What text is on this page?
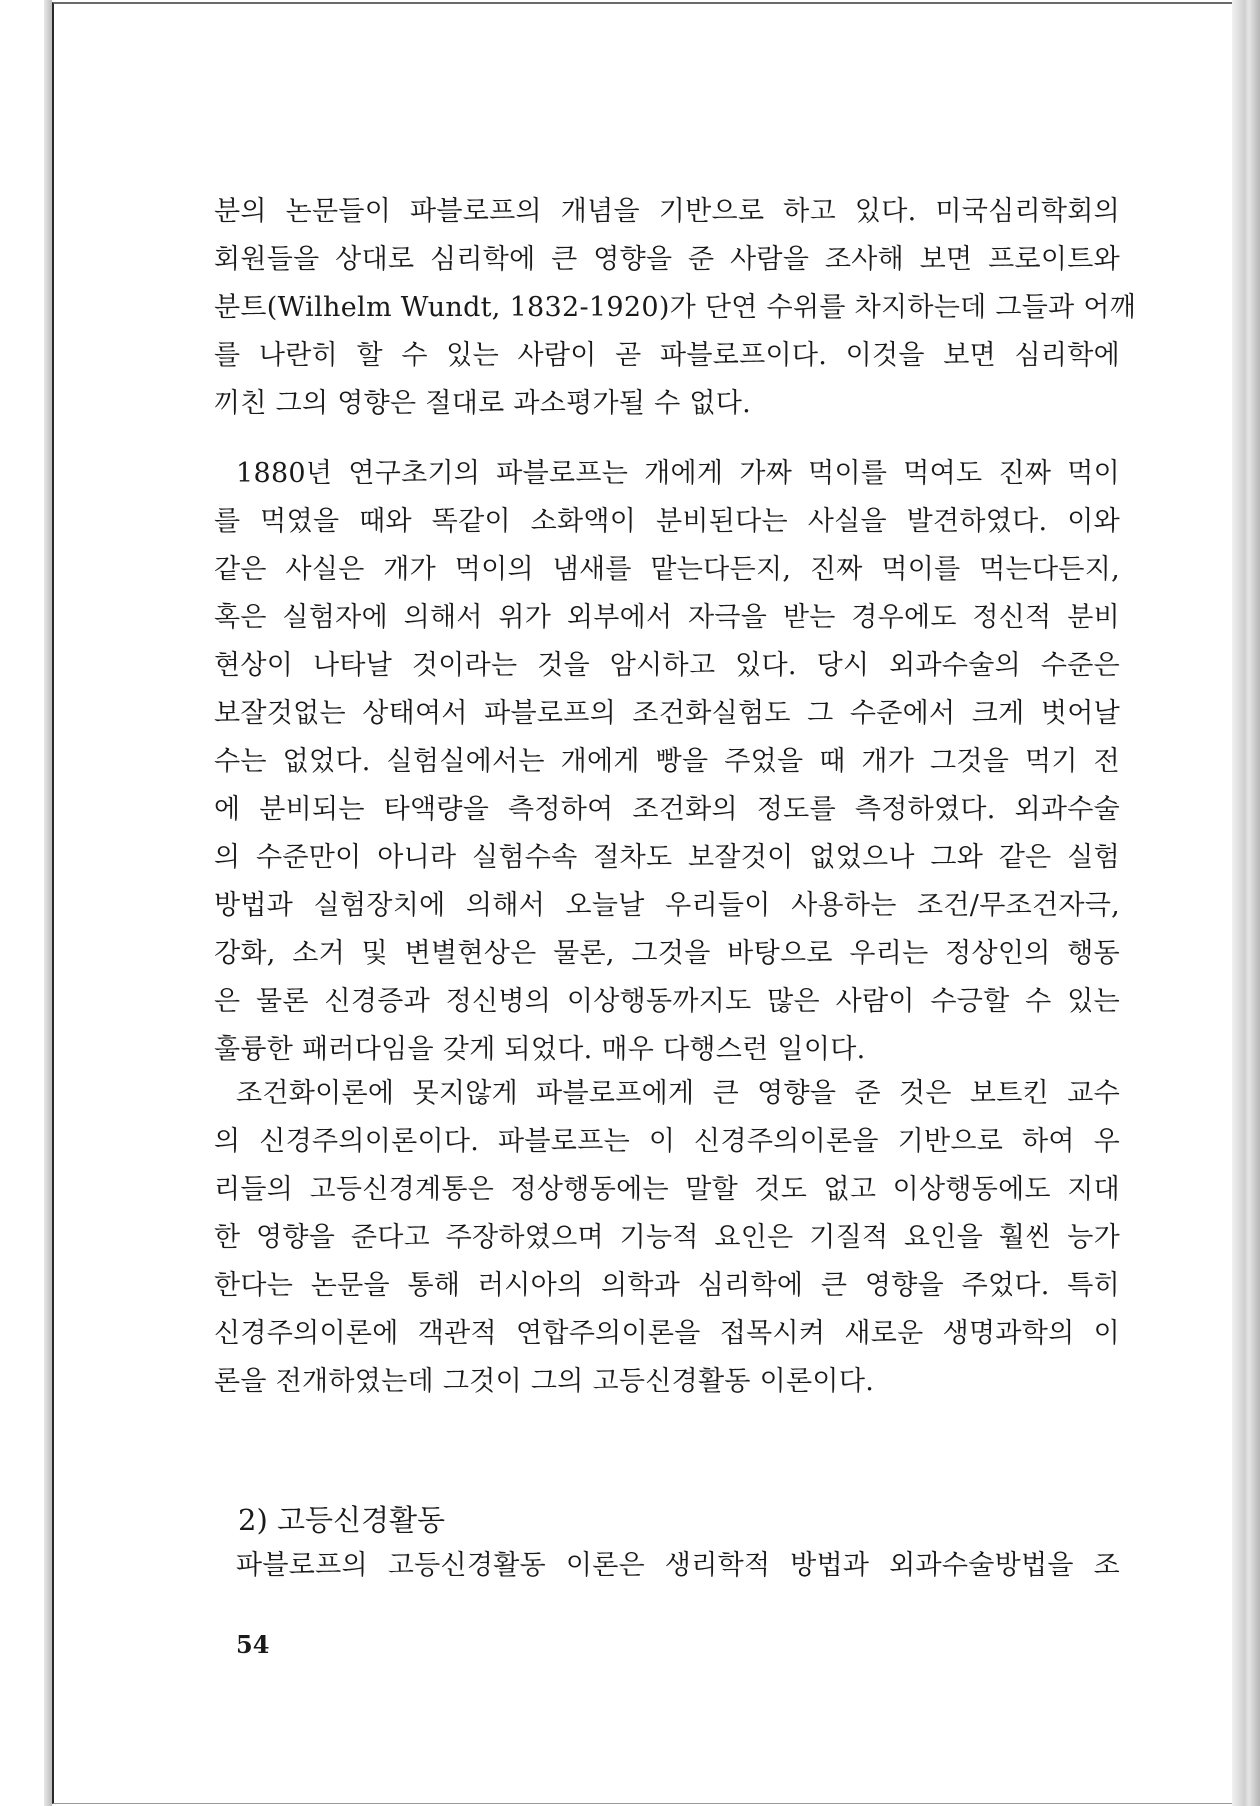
분의 논문들이 파블로프의 개념을 기반으로 하고 있다. 미국심리학회의
회원들을 상대로 심리학에 큰 영향을 준 사람을 조사해 보면 프로이트와
분트(Wilhelm Wundt, 1832-1920)가 단연 수위를 차지하는데 그들과 어깨
를 나란히 할 수 있는 사람이 곧 파블로프이다. 이것을 보면 심리학에
끼친 그의 영향은 절대로 과소평가될 수 없다.
1880년 연구초기의 파블로프는 개에게 가짜 먹이를 먹여도 진짜 먹이
를 먹였을 때와 똑같이 소화액이 분비된다는 사실을 발견하였다. 이와
같은 사실은 개가 먹이의 냄새를 맡는다든지, 진짜 먹이를 먹는다든지,
혹은 실험자에 의해서 위가 외부에서 자극을 받는 경우에도 정신적 분비
현상이 나타날 것이라는 것을 암시하고 있다. 당시 외과수술의 수준은
보잘것없는 상태여서 파블로프의 조건화실험도 그 수준에서 크게 벗어날
수는 없었다. 실험실에서는 개에게 빵을 주었을 때 개가 그것을 먹기 전
에 분비되는 타액량을 측정하여 조건화의 정도를 측정하였다. 외과수술
의 수준만이 아니라 실험수속 절차도 보잘것이 없었으나 그와 같은 실험
방법과 실험장치에 의해서 오늘날 우리들이 사용하는 조건/무조건자극,
강화, 소거 및 변별현상은 물론, 그것을 바탕으로 우리는 정상인의 행동
은 물론 신경증과 정신병의 이상행동까지도 많은 사람이 수긍할 수 있는
훌륭한 패러다임을 갖게 되었다. 매우 다행스런 일이다.
조건화이론에 못지않게 파블로프에게 큰 영향을 준 것은 보트킨 교수
의 신경주의이론이다. 파블로프는 이 신경주의이론을 기반으로 하여 우
리들의 고등신경계통은 정상행동에는 말할 것도 없고 이상행동에도 지대
한 영향을 준다고 주장하였으며 기능적 요인은 기질적 요인을 훨씬 능가
한다는 논문을 통해 러시아의 의학과 심리학에 큰 영향을 주었다. 특히
신경주의이론에 객관적 연합주의이론을 접목시켜 새로운 생명과학의 이
론을 전개하였는데 그것이 그의 고등신경활동 이론이다.
2) 고등신경활동
파블로프의 고등신경활동 이론은 생리학적 방법과 외과수술방법을 조
54
